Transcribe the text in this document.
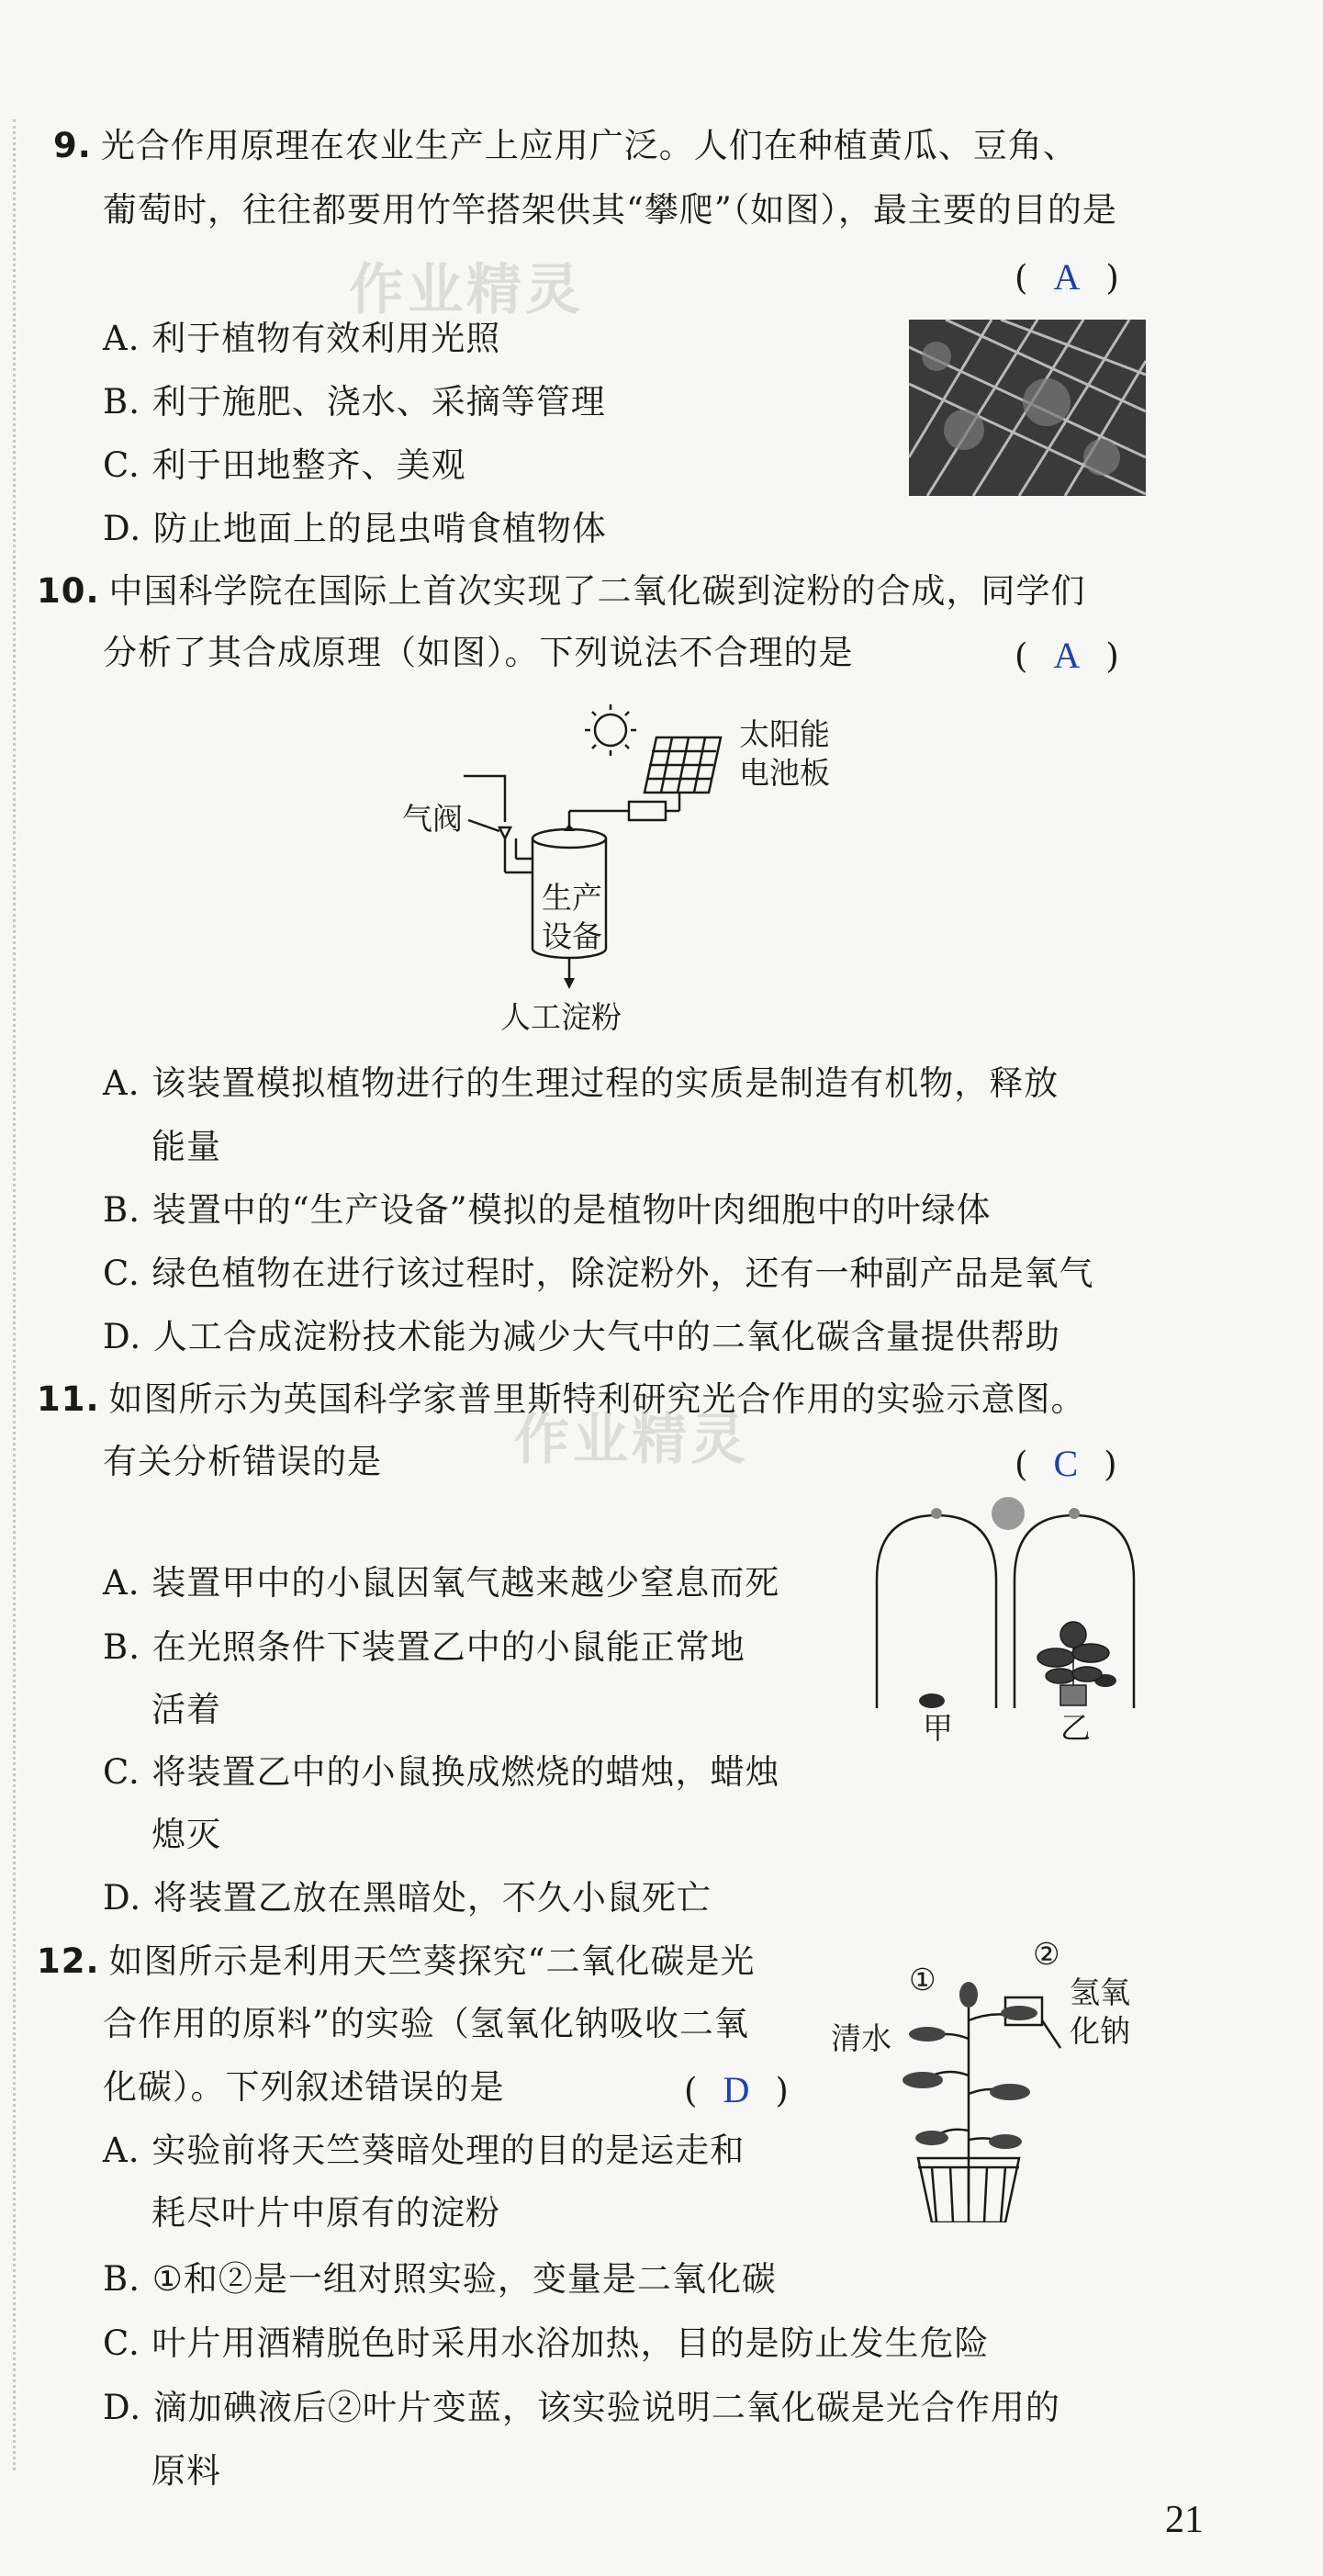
作业精灵
作业精灵
9. 光合作用原理在农业生产上应用广泛。人们在种植黄瓜、豆角、
葡萄时，往往都要用竹竿搭架供其“攀爬”（如图），最主要的目的是
( A )
A. 利于植物有效利用光照
B. 利于施肥、浇水、采摘等管理
C. 利于田地整齐、美观
D. 防止地面上的昆虫啃食植物体
10. 中国科学院在国际上首次实现了二氧化碳到淀粉的合成，同学们
分析了其合成原理（如图）。下列说法不合理的是	( A )
太阳能
电池板
气阀
生产
设备
人工淀粉
A. 该装置模拟植物进行的生理过程的实质是制造有机物，释放
能量
B. 装置中的“生产设备”模拟的是植物叶肉细胞中的叶绿体
C. 绿色植物在进行该过程时，除淀粉外，还有一种副产品是氧气
D. 人工合成淀粉技术能为减少大气中的二氧化碳含量提供帮助
11. 如图所示为英国科学家普里斯特利研究光合作用的实验示意图。
有关分析错误的是	( C )
甲	乙
A. 装置甲中的小鼠因氧气越来越少窒息而死
B. 在光照条件下装置乙中的小鼠能正常地
活着
C. 将装置乙中的小鼠换成燃烧的蜡烛，蜡烛
熄灭
D. 将装置乙放在黑暗处，不久小鼠死亡
12. 如图所示是利用天竺葵探究“二氧化碳是光
合作用的原料”的实验（氢氧化钠吸收二氧
化碳）。下列叙述错误的是	( D )
①
②
清水
氢氧
化钠
A. 实验前将天竺葵暗处理的目的是运走和
耗尽叶片中原有的淀粉
B. ①和②是一组对照实验，变量是二氧化碳
C. 叶片用酒精脱色时采用水浴加热，目的是防止发生危险
D. 滴加碘液后②叶片变蓝，该实验说明二氧化碳是光合作用的
原料
21
